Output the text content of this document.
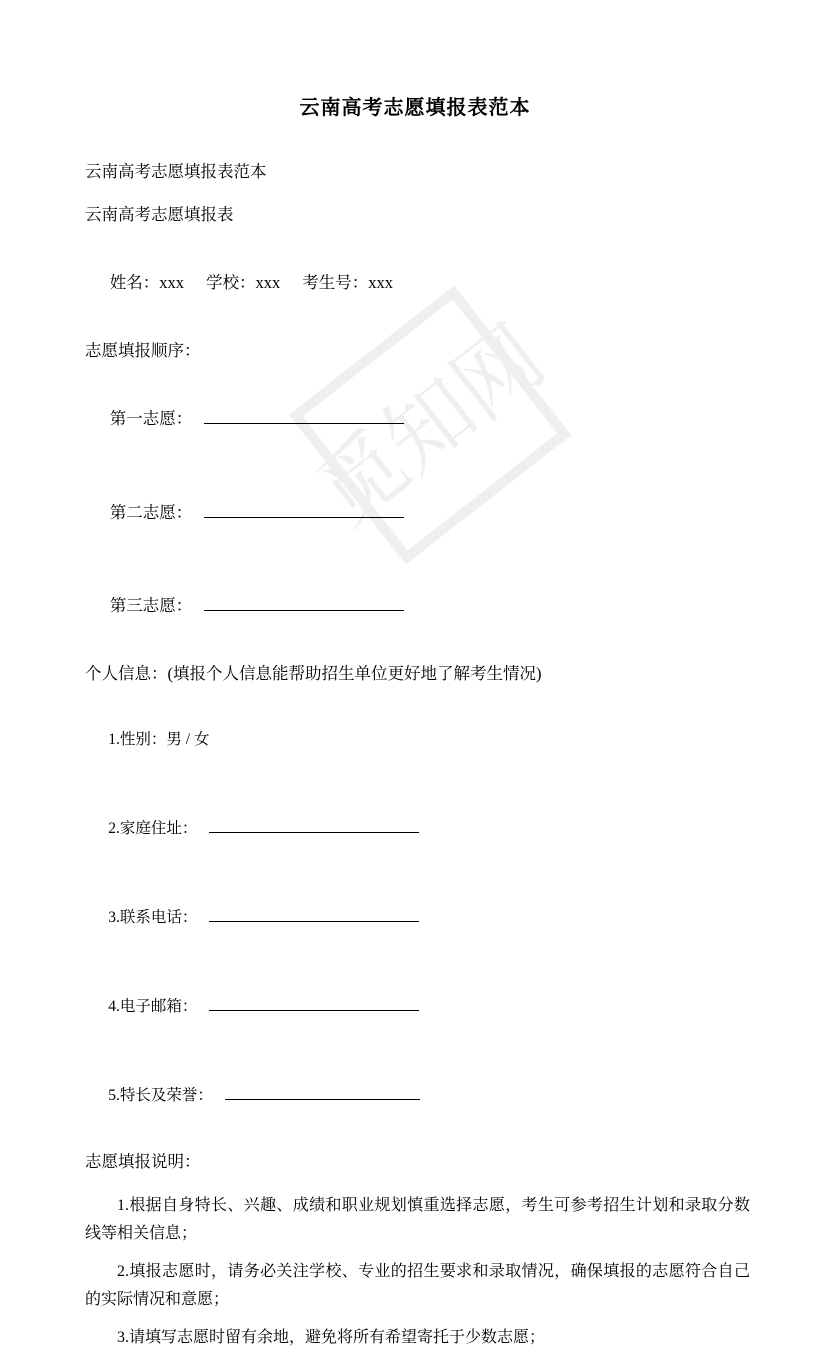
觅知网
云南高考志愿填报表范本

云南高考志愿填报表范本

云南高考志愿填报表

姓名：xxx 学校：xxx 考生号：xxx

志愿填报顺序：

第一志愿：

第二志愿：

第三志愿：

个人信息：(填报个人信息能帮助招生单位更好地了解考生情况)

1.性别：男 / 女

2.家庭住址：

3.联系电话：

4.电子邮箱：

5.特长及荣誉：

志愿填报说明：

1.根据自身特长、兴趣、成绩和职业规划慎重选择志愿，考生可参考招生计划和录取分数线等相关信息；

2.填报志愿时，请务必关注学校、专业的招生要求和录取情况，确保填报的志愿符合自己的实际情况和意愿；

3.请填写志愿时留有余地，避免将所有希望寄托于少数志愿；
